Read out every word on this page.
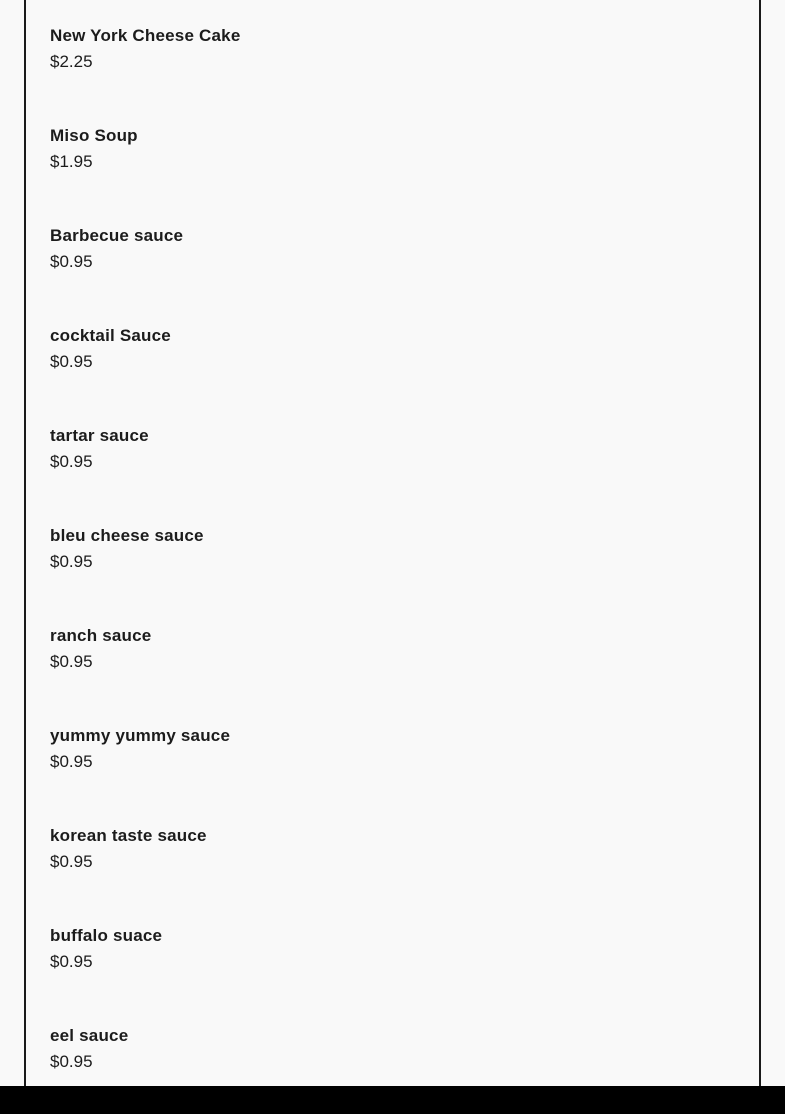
New York Cheese Cake
$2.25
Miso Soup
$1.95
Barbecue sauce
$0.95
cocktail Sauce
$0.95
tartar sauce
$0.95
bleu cheese sauce
$0.95
ranch sauce
$0.95
yummy yummy sauce
$0.95
korean taste sauce
$0.95
buffalo suace
$0.95
eel sauce
$0.95
